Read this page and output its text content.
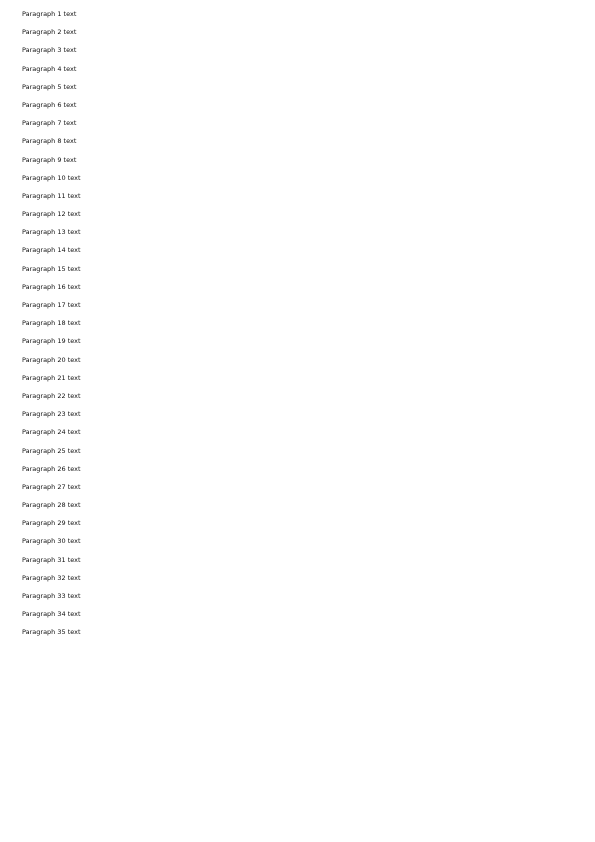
Paragraph 1 text

Paragraph 2 text

Paragraph 3 text

Paragraph 4 text

Paragraph 5 text

Paragraph 6 text

Paragraph 7 text

Paragraph 8 text

Paragraph 9 text

Paragraph 10 text

Paragraph 11 text

Paragraph 12 text

Paragraph 13 text

Paragraph 14 text

Paragraph 15 text

Paragraph 16 text

Paragraph 17 text

Paragraph 18 text

Paragraph 19 text

Paragraph 20 text

Paragraph 21 text

Paragraph 22 text

Paragraph 23 text

Paragraph 24 text

Paragraph 25 text

Paragraph 26 text

Paragraph 27 text

Paragraph 28 text

Paragraph 29 text

Paragraph 30 text

Paragraph 31 text

Paragraph 32 text

Paragraph 33 text

Paragraph 34 text

Paragraph 35 text
